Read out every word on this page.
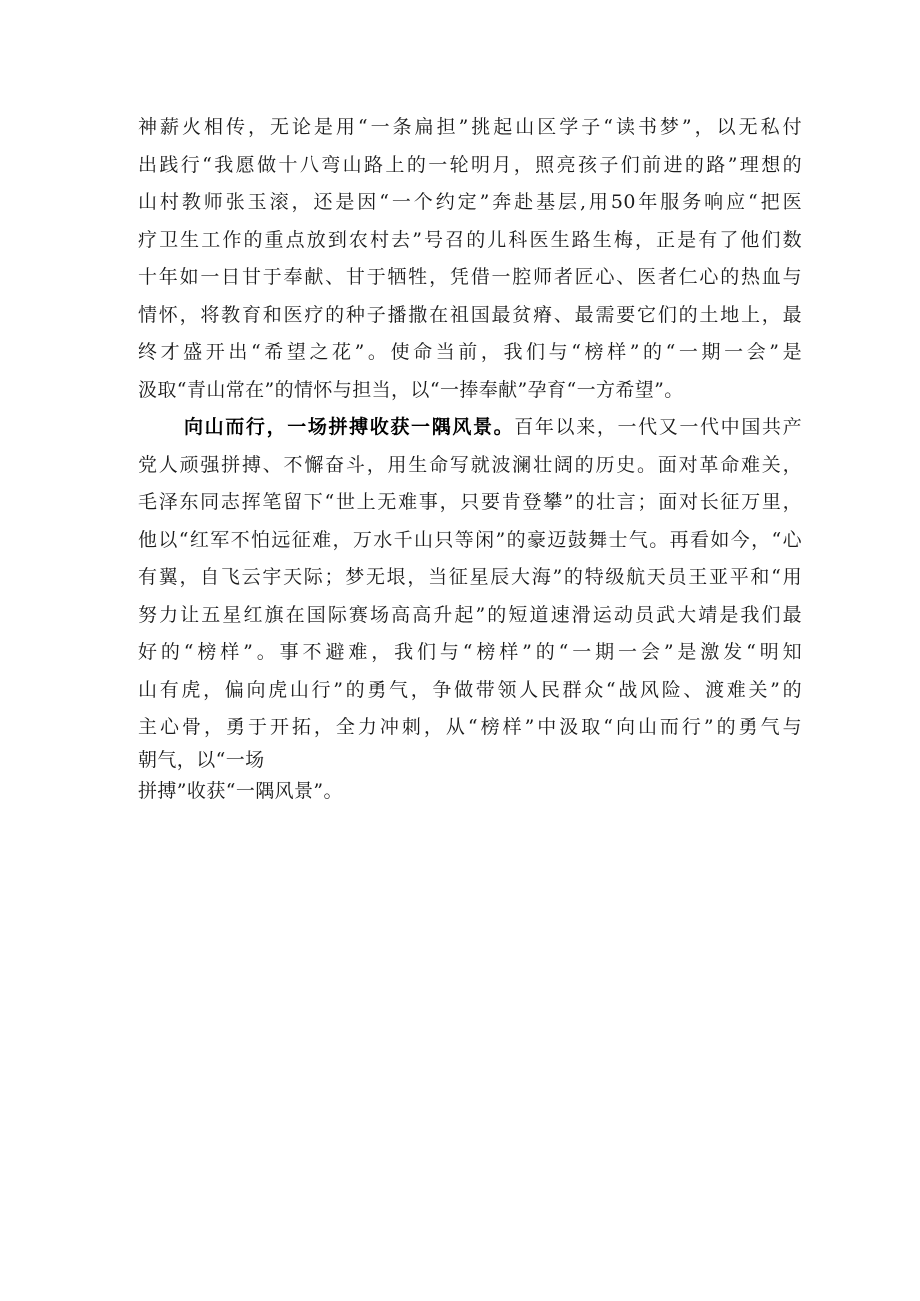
神薪火相传，无论是用“一条扁担”挑起山区学子“读书梦”，以无私付
出践行“我愿做十八弯山路上的一轮明月，照亮孩子们前进的路”理想的
山村教师张玉滚，还是因“一个约定”奔赴基层,用50年服务响应“把医
疗卫生工作的重点放到农村去”号召的儿科医生路生梅，正是有了他们数
十年如一日甘于奉献、甘于牺牲，凭借一腔师者匠心、医者仁心的热血与
情怀，将教育和医疗的种子播撒在祖国最贫瘠、最需要它们的土地上，最
终才盛开出“希望之花”。使命当前，我们与“榜样”的“一期一会”是
汲取“青山常在”的情怀与担当，以“一捧奉献”孕育“一方希望”。
向山而行，一场拼搏收获一隅风景。百年以来，一代又一代中国共产
党人顽强拼搏、不懈奋斗，用生命写就波澜壮阔的历史。面对革命难关，
毛泽东同志挥笔留下“世上无难事，只要肯登攀”的壮言；面对长征万里，
他以“红军不怕远征难，万水千山只等闲”的豪迈鼓舞士气。再看如今，“心
有翼，自飞云宇天际；梦无垠，当征星辰大海”的特级航天员王亚平和“用
努力让五星红旗在国际赛场高高升起”的短道速滑运动员武大靖是我们最
好的“榜样”。事不避难，我们与“榜样”的“一期一会”是激发“明知
山有虎，偏向虎山行”的勇气，争做带领人民群众“战风险、渡难关”的
主心骨，勇于开拓，全力冲刺，从“榜样”中汲取“向山而行”的勇气与
朝气，以“一场
拼搏”收获“一隅风景”。
